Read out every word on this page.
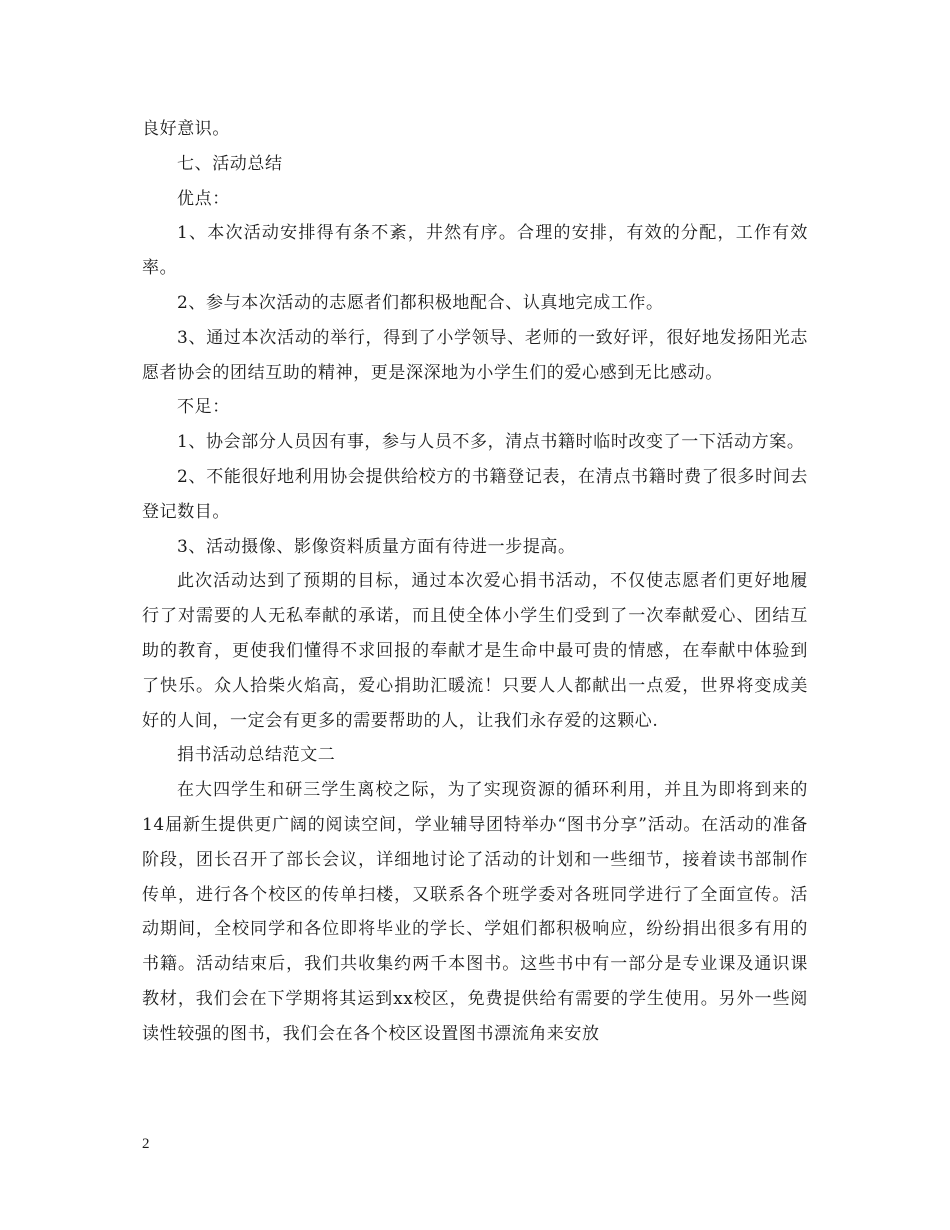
良好意识。

七、活动总结

优点：

1、本次活动安排得有条不紊，井然有序。合理的安排，有效的分配，工作有效率。

2、参与本次活动的志愿者们都积极地配合、认真地完成工作。

3、通过本次活动的举行，得到了小学领导、老师的一致好评，很好地发扬阳光志愿者协会的团结互助的精神，更是深深地为小学生们的爱心感到无比感动。

不足：

1、协会部分人员因有事，参与人员不多，清点书籍时临时改变了一下活动方案。

2、不能很好地利用协会提供给校方的书籍登记表，在清点书籍时费了很多时间去登记数目。

3、活动摄像、影像资料质量方面有待进一步提高。

此次活动达到了预期的目标，通过本次爱心捐书活动，不仅使志愿者们更好地履行了对需要的人无私奉献的承诺，而且使全体小学生们受到了一次奉献爱心、团结互助的教育，更使我们懂得不求回报的奉献才是生命中最可贵的情感，在奉献中体验到了快乐。众人拾柴火焰高，爱心捐助汇暖流！只要人人都献出一点爱，世界将变成美好的人间，一定会有更多的需要帮助的人，让我们永存爱的这颗心.

捐书活动总结范文二

在大四学生和研三学生离校之际，为了实现资源的循环利用，并且为即将到来的14届新生提供更广阔的阅读空间，学业辅导团特举办“图书分享”活动。在活动的准备阶段，团长召开了部长会议，详细地讨论了活动的计划和一些细节，接着读书部制作传单，进行各个校区的传单扫楼，又联系各个班学委对各班同学进行了全面宣传。活动期间，全校同学和各位即将毕业的学长、学姐们都积极响应，纷纷捐出很多有用的书籍。活动结束后，我们共收集约两千本图书。这些书中有一部分是专业课及通识课教材，我们会在下学期将其运到xx校区，免费提供给有需要的学生使用。另外一些阅读性较强的图书，我们会在各个校区设置图书漂流角来安放

2
